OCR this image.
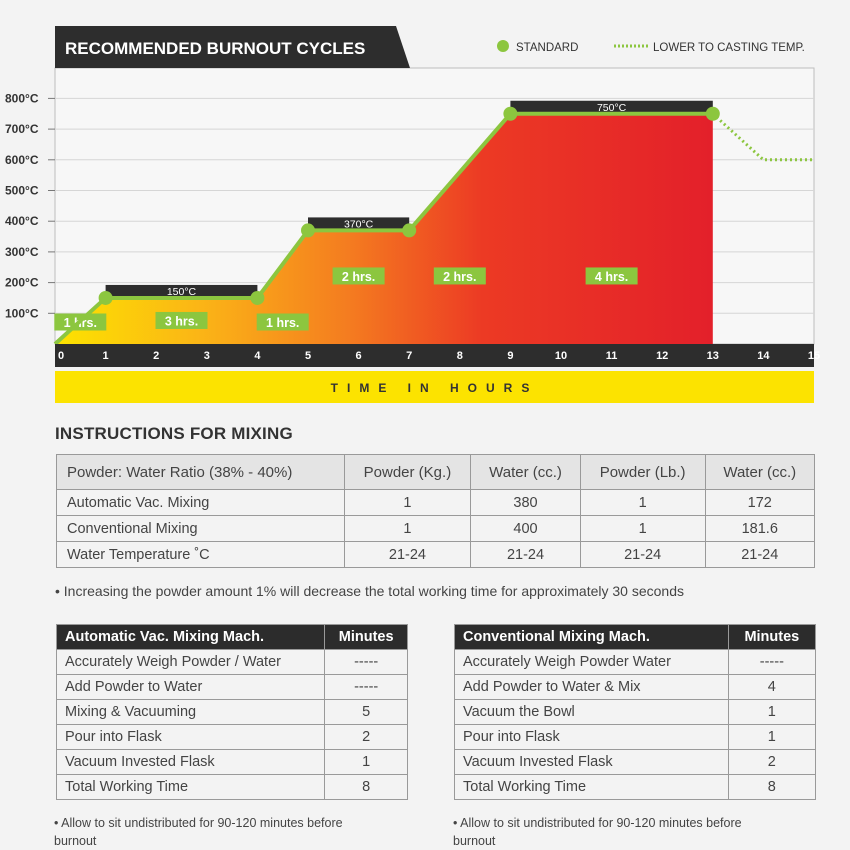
RECOMMENDED BURNOUT CYCLES	STANDARD	LOWER TO CASTING TEMP.
100°C
200°C
300°C
400°C
500°C
600°C
700°C
800°C
1 hrs.	3 hrs.	1 hrs.
2 hrs.	2 hrs.	4 hrs.
150°C
370°C
750°C
0	1	2	3	4	5	6	7	8	9	10	11	12	13	14	15
TIME IN HOURS
INSTRUCTIONS FOR MIXING
Powder: Water Ratio (38% - 40%)	Powder (Kg.)	Water (cc.)	Powder (Lb.)	Water (cc.)
Automatic Vac. Mixing	1	380	1	172
Conventional Mixing	1	400	1	181.6
Water Temperature ˚C	21-24	21-24	21-24	21-24

• Increasing the powder amount 1% will decrease the total working time for approximately 30 seconds

Automatic Vac. Mixing Mach.	Minutes
Accurately Weigh Powder / Water	-----
Add Powder to Water	-----
Mixing & Vacuuming	5
Pour into Flask	2
Vacuum Invested Flask	1
Total Working Time	8
Conventional Mixing Mach.	Minutes
Accurately Weigh Powder Water	-----
Add Powder to Water & Mix	4
Vacuum the Bowl	1
Pour into Flask	1
Vacuum Invested Flask	2
Total Working Time	8

• Allow to sit undistributed for 90-120 minutes before burnout

• Allow to sit undistributed for 90-120 minutes before burnout
